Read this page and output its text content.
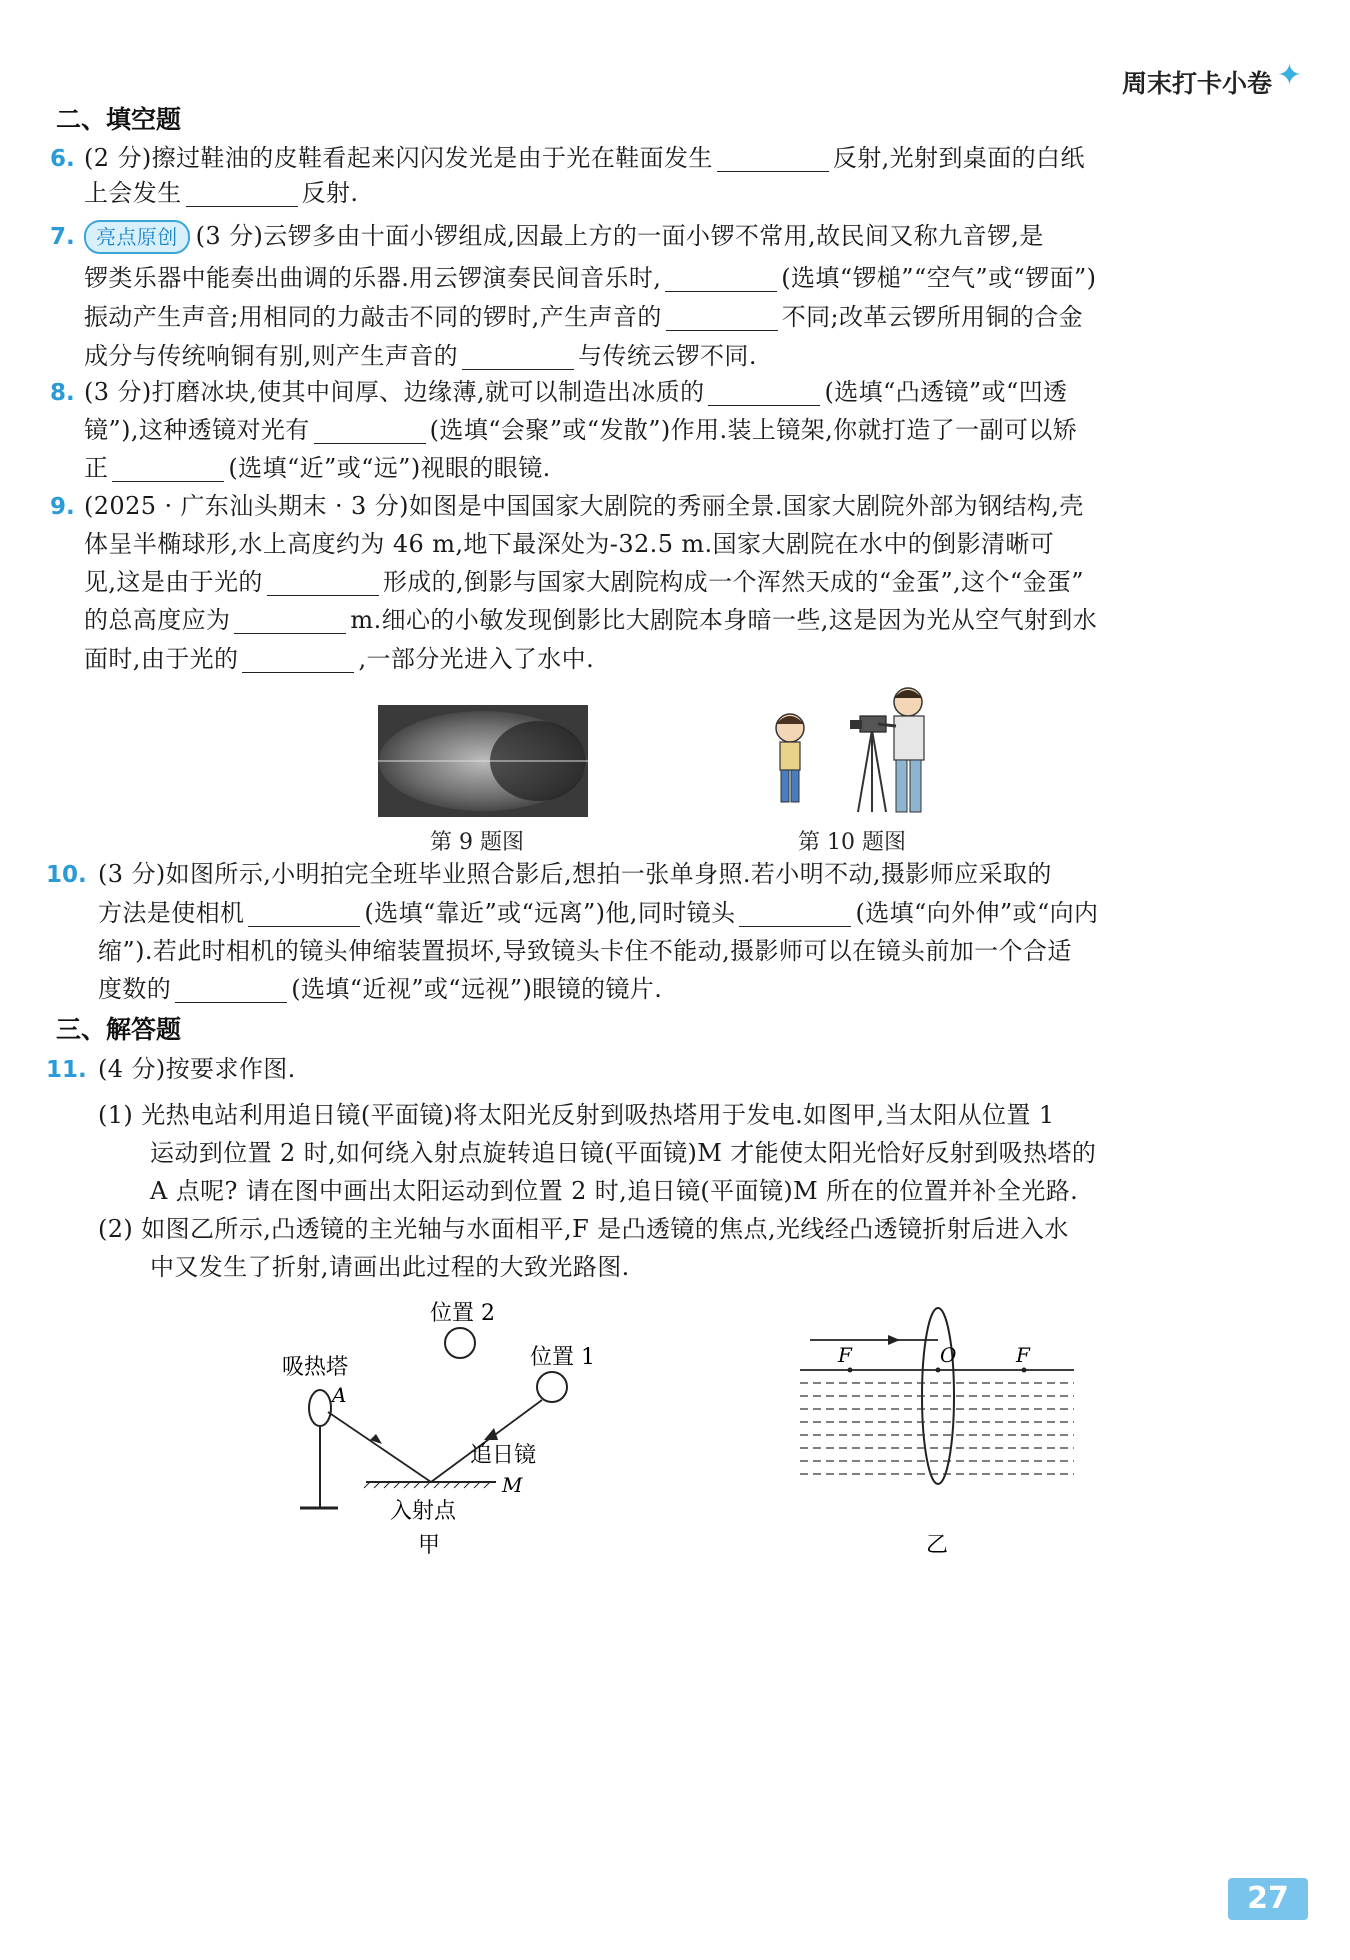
周末打卡小卷 ✦
二、填空题
6. (2 分)擦过鞋油的皮鞋看起来闪闪发光是由于光在鞋面发生	反射,光射到桌面的白纸
上会发生	反射.
7.	亮点原创 (3 分)云锣多由十面小锣组成,因最上方的一面小锣不常用,故民间又称九音锣,是
锣类乐器中能奏出曲调的乐器.用云锣演奏民间音乐时,	(选填“锣槌”“空气”或“锣面”)
振动产生声音;用相同的力敲击不同的锣时,产生声音的	不同;改革云锣所用铜的合金
成分与传统响铜有别,则产生声音的	与传统云锣不同.
8. (3 分)打磨冰块,使其中间厚、边缘薄,就可以制造出冰质的	(选填“凸透镜”或“凹透
镜”),这种透镜对光有	(选填“会聚”或“发散”)作用.装上镜架,你就打造了一副可以矫
正	(选填“近”或“远”)视眼的眼镜.
9. (2025 · 广东汕头期末 · 3 分)如图是中国国家大剧院的秀丽全景.国家大剧院外部为钢结构,壳
体呈半椭球形,水上高度约为 46 m,地下最深处为-32.5 m.国家大剧院在水中的倒影清晰可
见,这是由于光的	形成的,倒影与国家大剧院构成一个浑然天成的“金蛋”,这个“金蛋”
的总高度应为	m.细心的小敏发现倒影比大剧院本身暗一些,这是因为光从空气射到水
面时,由于光的	,一部分光进入了水中.
第 9 题图	第 10 题图
10. (3 分)如图所示,小明拍完全班毕业照合影后,想拍一张单身照.若小明不动,摄影师应采取的
方法是使相机	(选填“靠近”或“远离”)他,同时镜头	(选填“向外伸”或“向内
缩”).若此时相机的镜头伸缩装置损坏,导致镜头卡住不能动,摄影师可以在镜头前加一个合适
度数的	(选填“近视”或“远视”)眼镜的镜片.
三、解答题
11. (4 分)按要求作图.
(1) 光热电站利用追日镜(平面镜)将太阳光反射到吸热塔用于发电.如图甲,当太阳从位置 1
运动到位置 2 时,如何绕入射点旋转追日镜(平面镜)M 才能使太阳光恰好反射到吸热塔的
A 点呢? 请在图中画出太阳运动到位置 2 时,追日镜(平面镜)M 所在的位置并补全光路.
(2) 如图乙所示,凸透镜的主光轴与水面相平,F 是凸透镜的焦点,光线经凸透镜折射后进入水
中又发生了折射,请画出此过程的大致光路图.
位置 2
位置 1
吸热塔
A
追日镜
M
入射点
甲
F	O	F
乙
27
